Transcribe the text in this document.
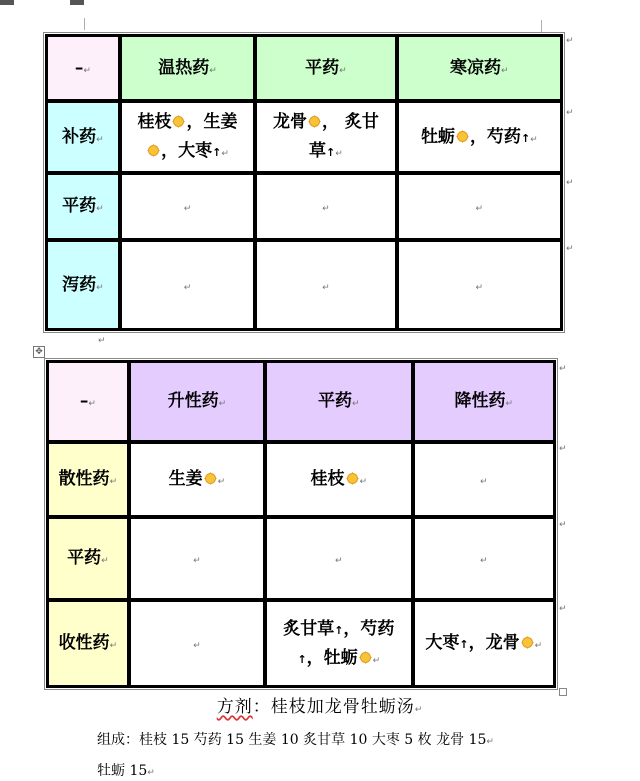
–↵	温热药↵	平药↵	寒凉药↵
补药↵	桂枝 ，生姜
，大枣↑↵	龙骨 ， 炙甘
草↑↵	牡蛎 ，芍药↑↵
平药↵	↵	↵	↵
泻药↵	↵	↵	↵
↵
↵
↵
↵
↵
✥
–↵	升性药↵	平药↵	降性药↵
散性药↵	生姜 ↵	桂枝 ↵	↵
平药↵	↵	↵	↵
收性药↵	↵	炙甘草↑，芍药
↑，牡蛎 ↵	大枣↑，龙骨 ↵
↵
↵
↵
↵
方剂：桂枝加龙骨牡蛎汤↵
组成：桂枝 15 芍药 15 生姜 10 炙甘草 10 大枣 5 枚 龙骨 15↵
牡蛎 15↵
